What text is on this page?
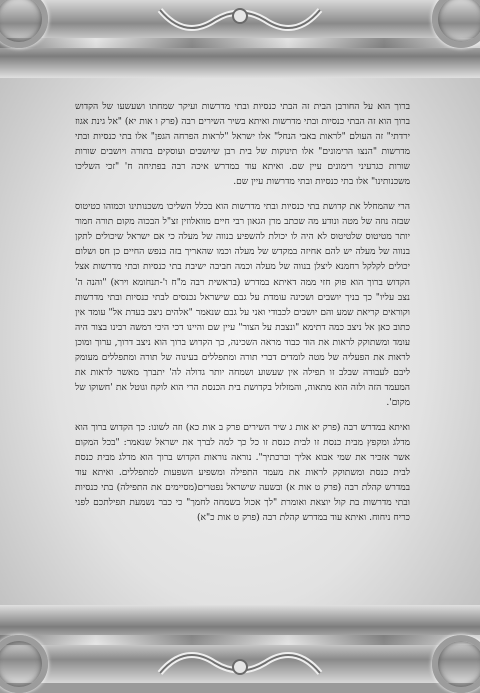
ברוך הוא על החורבן הבית זה הבתי כנסיות ובתי מדרשות ועיקר שמחתו ושעשעו של הקדוש ברוך הוא זה הבתי כנסיות ובתי מדרשות ואיתא בשיר השירים רבה (פרק ו אות יא) "אל גינת אגוז ירדתי" זה העולם "לראות באבי הנחל" אלו ישראל "לראות הפרחה הגפן" אלו בתי כנסיות ובתי מדרשות "הנצו הרימונים" אלו תינוקות של בית רבן שיושבים ועוסקים בתורה ויושבים שורות שורות כגרעיני רימונים עיין שם. ואיתא עוד במדרש איכה רבה בפתיחה ח' "זכי השליכו משכנותינו" אלו בתי כנסיות ובתי מדרשות עיין שם.

הרי שהמחלל את קדושת בתי כנסיות ובתי מדרשות הוא בכלל השליכו משכנותינו וכמוהו כטיטוס שבזה נוזה של מטה ונודע מה שכתב מרן הגאון רבי חיים מוואלוזין זצ"ל הבכוה מקום תורה חמור יותר מטיטוס שלטיטוס לא היה לו יכולת להשפיע בנווה של מעלה כי אם ישראל שיכולים לתקן בנווה של מעלה יש להם אחיזה במקדש של מעלה וכמו שהאריך בזה בנפש החיים כן חס ושלום יכולים לקלקל רחמנא ליצלן בנווה של מעלה וכמה חביבה ישיבת בתי כנסיות ובתי מדרשות אצל הקדוש ברוך הוא פוק חזי ממה דאיתא במדרש (בראשית רבה מ"ח ו'-תנחומא וירא) "והנה ה' נצב עליו" כך בניך יושבים ושכינה עומדת על גבם שישראל נכנסים לבתי כנסיות ובתי מדרשות וקוראים קריאת שמע והם יושבים לכבודי ואני על גבם שנאמר "אלהים ניצב בעדת אל" עומד אין כתוב כאן אל ניצב כמה דתימא "ונצבת על הצור" עיין שם והיינו דכי היכי דמשה רבינו בצור היה עומד ומשתוקק לראות את הוד כבוד מראה השכינה, כך הקדוש ברוך הוא ניצב דרוך, ערוך ומוכן לראות את הפעליה של מטה לומדים דברי תורה ומתפללים בעינוה של תורה ומתפללים מעומק ליבם לעבודה שבלב זו תפילה אין שעשוע ושמחה יותר גדולה לה' יתברך מאשר לראות את המעמד הזה ולזה הוא מתאוה, והמזלזל בקדושת בית הכנסת הרי הוא לוקח וגוטל את 'חשוקו של מקום'.

ואיתא במדרש רבה (פרק יא אות ג שיר השירים פרק ב אות כא) וזה לשונו: כך הקדוש ברוך הוא מדלג ומקפץ מבית כנסת זו לבית כנסת זו כל כך למה לברך את ישראל שנאמר: "בכל המקום אשר אזכיר את שמי אבוא אליך וברכתיך". נוראה נוראות הקדוש ברוך הוא מדלג מבית כנסת לבית כנסת ומשתוקק לראות את מעמד התפילה ומשפיע השפעות למתפללים. ואיתא עוד במדרש קהלת רבה (פרק ט אות א) ובשעה שישראל נפטרים(מסיימים את התפילה) בתי כנסיות ובתי מדרשות בת קול יוצאת ואומרת "לך אכול בשמחה לחמך" כי כבר נשמעת תפילתכם לפני כריח ניחוח. ואיתא עוד במדרש קהלת רבה (פרק ט אות כ"א)
